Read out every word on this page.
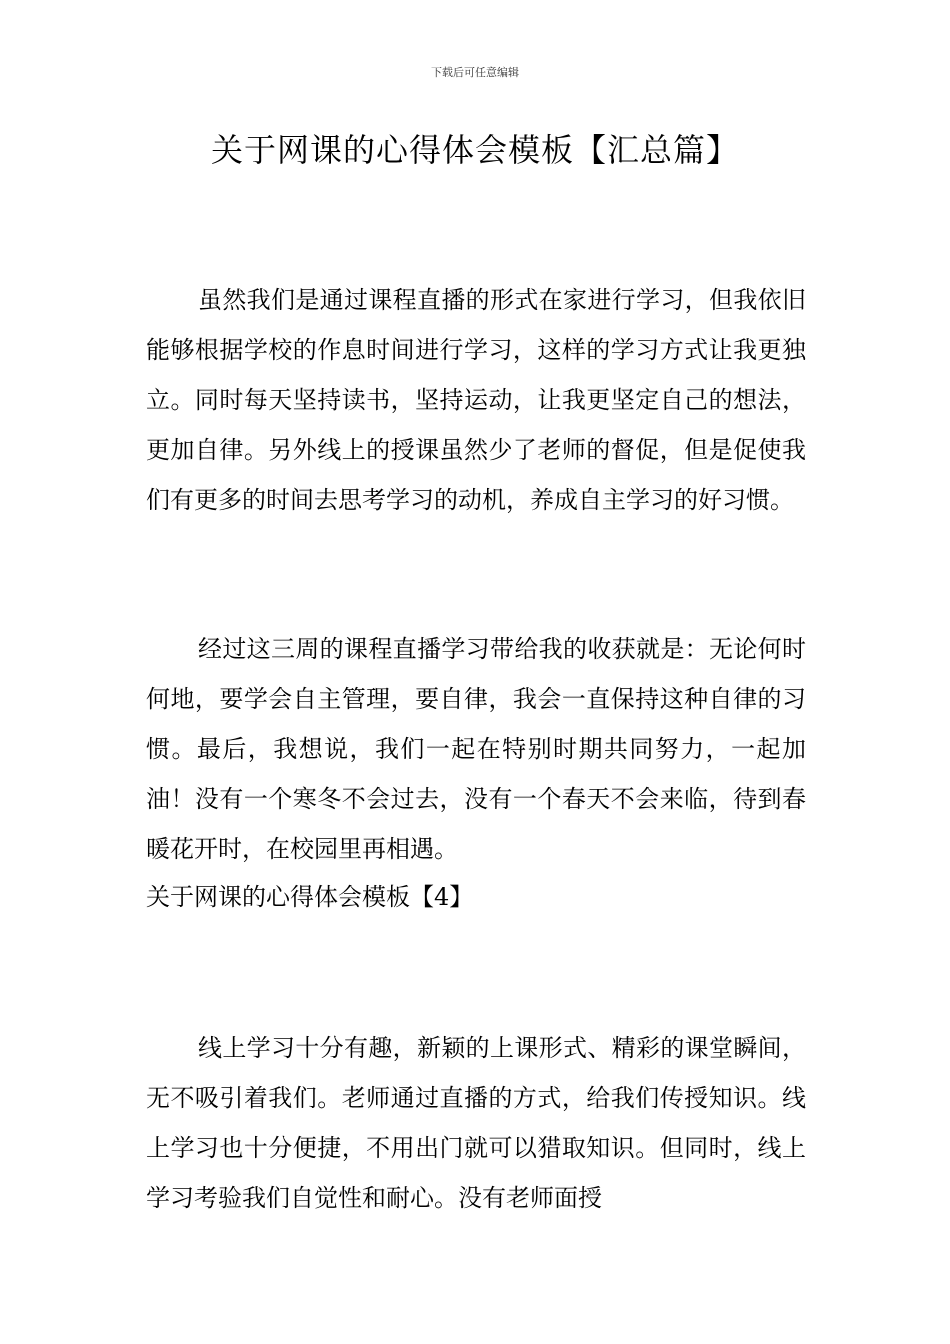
下载后可任意编辑
关于网课的心得体会模板【汇总篇】

虽然我们是通过课程直播的形式在家进行学习，但我依旧能够根据学校的作息时间进行学习，这样的学习方式让我更独立。同时每天坚持读书，坚持运动，让我更坚定自己的想法，更加自律。另外线上的授课虽然少了老师的督促，但是促使我们有更多的时间去思考学习的动机，养成自主学习的好习惯。

经过这三周的课程直播学习带给我的收获就是：无论何时何地，要学会自主管理，要自律，我会一直保持这种自律的习惯。最后，我想说，我们一起在特别时期共同努力，一起加油！没有一个寒冬不会过去，没有一个春天不会来临，待到春暖花开时，在校园里再相遇。

关于网课的心得体会模板【4】

线上学习十分有趣，新颖的上课形式、精彩的课堂瞬间，无不吸引着我们。老师通过直播的方式，给我们传授知识。线上学习也十分便捷，不用出门就可以猎取知识。但同时，线上学习考验我们自觉性和耐心。没有老师面授
